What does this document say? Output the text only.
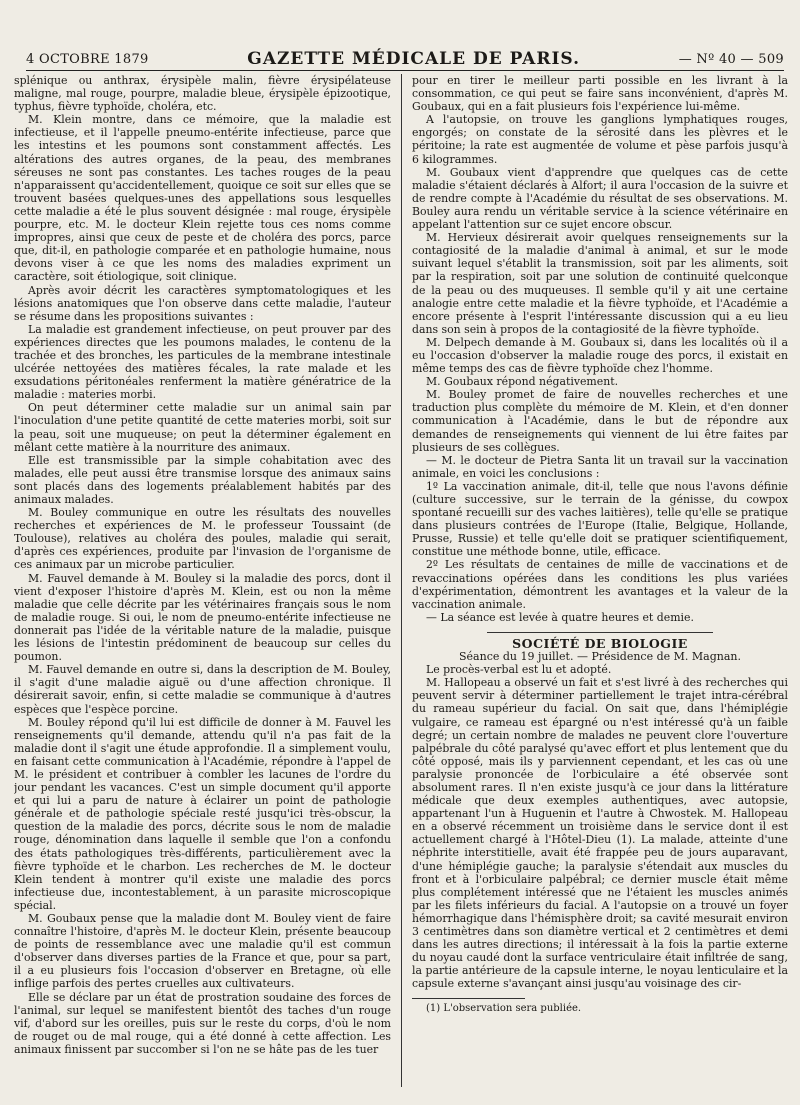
4 OCTOBRE 1879	GAZETTE MÉDICALE DE PARIS.	— Nº 40 — 509

splénique ou anthrax, érysipèle malin, fièvre érysipélateuse maligne, mal rouge, pourpre, maladie bleue, érysipèle épizootique, typhus, fièvre typhoïde, choléra, etc.

M. Klein montre, dans ce mémoire, que la maladie est infectieuse, et il l'appelle pneumo-entérite infectieuse, parce que les intestins et les poumons sont constamment affectés. Les altérations des autres organes, de la peau, des membranes séreuses ne sont pas constantes. Les taches rouges de la peau n'apparaissent qu'accidentellement, quoique ce soit sur elles que se trouvent basées quelques-unes des appellations sous lesquelles cette maladie a été le plus souvent désignée : mal rouge, érysipèle pourpre, etc. M. le docteur Klein rejette tous ces noms comme impropres, ainsi que ceux de peste et de choléra des porcs, parce que, dit-il, en pathologie comparée et en pathologie humaine, nous devons viser à ce que les noms des maladies expriment un caractère, soit étiologique, soit clinique.

Après avoir décrit les caractères symptomatologiques et les lésions anatomiques que l'on observe dans cette maladie, l'auteur se résume dans les propositions suivantes :

La maladie est grandement infectieuse, on peut prouver par des expériences directes que les poumons malades, le contenu de la trachée et des bronches, les particules de la membrane intestinale ulcérée nettoyées des matières fécales, la rate malade et les exsudations péritonéales renferment la matière génératrice de la maladie : materies morbi.

On peut déterminer cette maladie sur un animal sain par l'inoculation d'une petite quantité de cette materies morbi, soit sur la peau, soit une muqueuse; on peut la déterminer également en mêlant cette matière à la nourriture des animaux.

Elle est transmissible par la simple cohabitation avec des malades, elle peut aussi être transmise lorsque des animaux sains sont placés dans des logements préalablement habités par des animaux malades.

M. Bouley communique en outre les résultats des nouvelles recherches et expériences de M. le professeur Toussaint (de Toulouse), relatives au choléra des poules, maladie qui serait, d'après ces expériences, produite par l'invasion de l'organisme de ces animaux par un microbe particulier.

M. Fauvel demande à M. Bouley si la maladie des porcs, dont il vient d'exposer l'histoire d'après M. Klein, est ou non la même maladie que celle décrite par les vétérinaires français sous le nom de maladie rouge. Si oui, le nom de pneumo-entérite infectieuse ne donnerait pas l'idée de la véritable nature de la maladie, puisque les lésions de l'intestin prédominent de beaucoup sur celles du poumon.

M. Fauvel demande en outre si, dans la description de M. Bouley, il s'agit d'une maladie aiguë ou d'une affection chronique. Il désirerait savoir, enfin, si cette maladie se communique à d'autres espèces que l'espèce porcine.

M. Bouley répond qu'il lui est difficile de donner à M. Fauvel les renseignements qu'il demande, attendu qu'il n'a pas fait de la maladie dont il s'agit une étude approfondie. Il a simplement voulu, en faisant cette communication à l'Académie, répondre à l'appel de M. le président et contribuer à combler les lacunes de l'ordre du jour pendant les vacances. C'est un simple document qu'il apporte et qui lui a paru de nature à éclairer un point de pathologie générale et de pathologie spéciale resté jusqu'ici très-obscur, la question de la maladie des porcs, décrite sous le nom de maladie rouge, dénomination dans laquelle il semble que l'on a confondu des états pathologiques très-différents, particulièrement avec la fièvre typhoïde et le charbon. Les recherches de M. le docteur Klein tendent à montrer qu'il existe une maladie des porcs infectieuse due, incontestablement, à un parasite microscopique spécial.

M. Goubaux pense que la maladie dont M. Bouley vient de faire connaître l'histoire, d'après M. le docteur Klein, présente beaucoup de points de ressemblance avec une maladie qu'il est commun d'observer dans diverses parties de la France et que, pour sa part, il a eu plusieurs fois l'occasion d'observer en Bretagne, où elle inflige parfois des pertes cruelles aux cultivateurs.

Elle se déclare par un état de prostration soudaine des forces de l'animal, sur lequel se manifestent bientôt des taches d'un rouge vif, d'abord sur les oreilles, puis sur le reste du corps, d'où le nom de rouget ou de mal rouge, qui a été donné à cette affection. Les animaux finissent par succomber si l'on ne se hâte pas de les tuer

pour en tirer le meilleur parti possible en les livrant à la consommation, ce qui peut se faire sans inconvénient, d'après M. Goubaux, qui en a fait plusieurs fois l'expérience lui-même.

A l'autopsie, on trouve les ganglions lymphatiques rouges, engorgés; on constate de la sérosité dans les plèvres et le péritoine; la rate est augmentée de volume et pèse parfois jusqu'à 6 kilogrammes.

M. Goubaux vient d'apprendre que quelques cas de cette maladie s'étaient déclarés à Alfort; il aura l'occasion de la suivre et de rendre compte à l'Académie du résultat de ses observations. M. Bouley aura rendu un véritable service à la science vétérinaire en appelant l'attention sur ce sujet encore obscur.

M. Hervieux désirerait avoir quelques renseignements sur la contagiosité de la maladie d'animal à animal, et sur le mode suivant lequel s'établit la transmission, soit par les aliments, soit par la respiration, soit par une solution de continuité quelconque de la peau ou des muqueuses. Il semble qu'il y ait une certaine analogie entre cette maladie et la fièvre typhoïde, et l'Académie a encore présente à l'esprit l'intéressante discussion qui a eu lieu dans son sein à propos de la contagiosité de la fièvre typhoïde.

M. Delpech demande à M. Goubaux si, dans les localités où il a eu l'occasion d'observer la maladie rouge des porcs, il existait en même temps des cas de fièvre typhoïde chez l'homme.

M. Goubaux répond négativement.

M. Bouley promet de faire de nouvelles recherches et une traduction plus complète du mémoire de M. Klein, et d'en donner communication à l'Académie, dans le but de répondre aux demandes de renseignements qui viennent de lui être faites par plusieurs de ses collègues.

— M. le docteur de Pietra Santa lit un travail sur la vaccination animale, en voici les conclusions :

1º La vaccination animale, dit-il, telle que nous l'avons définie (culture successive, sur le terrain de la génisse, du cowpox spontané recueilli sur des vaches laitières), telle qu'elle se pratique dans plusieurs contrées de l'Europe (Italie, Belgique, Hollande, Prusse, Russie) et telle qu'elle doit se pratiquer scientifiquement, constitue une méthode bonne, utile, efficace.

2º Les résultats de centaines de mille de vaccinations et de revaccinations opérées dans les conditions les plus variées d'expérimentation, démontrent les avantages et la valeur de la vaccination animale.

— La séance est levée à quatre heures et demie.

SOCIÉTÉ DE BIOLOGIE

Séance du 19 juillet. — Présidence de M. Magnan.

Le procès-verbal est lu et adopté.

M. Hallopeau a observé un fait et s'est livré à des recherches qui peuvent servir à déterminer partiellement le trajet intra-cérébral du rameau supérieur du facial. On sait que, dans l'hémiplégie vulgaire, ce rameau est épargné ou n'est intéressé qu'à un faible degré; un certain nombre de malades ne peuvent clore l'ouverture palpébrale du côté paralysé qu'avec effort et plus lentement que du côté opposé, mais ils y parviennent cependant, et les cas où une paralysie prononcée de l'orbiculaire a été observée sont absolument rares. Il n'en existe jusqu'à ce jour dans la littérature médicale que deux exemples authentiques, avec autopsie, appartenant l'un à Huguenin et l'autre à Chwostek. M. Hallopeau en a observé récemment un troisième dans le service dont il est actuellement chargé à l'Hôtel-Dieu (1). La malade, atteinte d'une néphrite interstitielle, avait été frappée peu de jours auparavant, d'une hémiplégie gauche; la paralysie s'étendait aux muscles du front et à l'orbiculaire palpébral; ce dernier muscle était même plus complétement intéressé que ne l'étaient les muscles animés par les filets inférieurs du facial. A l'autopsie on a trouvé un foyer hémorrhagique dans l'hémisphère droit; sa cavité mesurait environ 3 centimètres dans son diamètre vertical et 2 centimètres et demi dans les autres directions; il intéressait à la fois la partie externe du noyau caudé dont la surface ventriculaire était infiltrée de sang, la partie antérieure de la capsule interne, le noyau lenticulaire et la capsule externe s'avançant ainsi jusqu'au voisinage des cir-

(1) L'observation sera publiée.
